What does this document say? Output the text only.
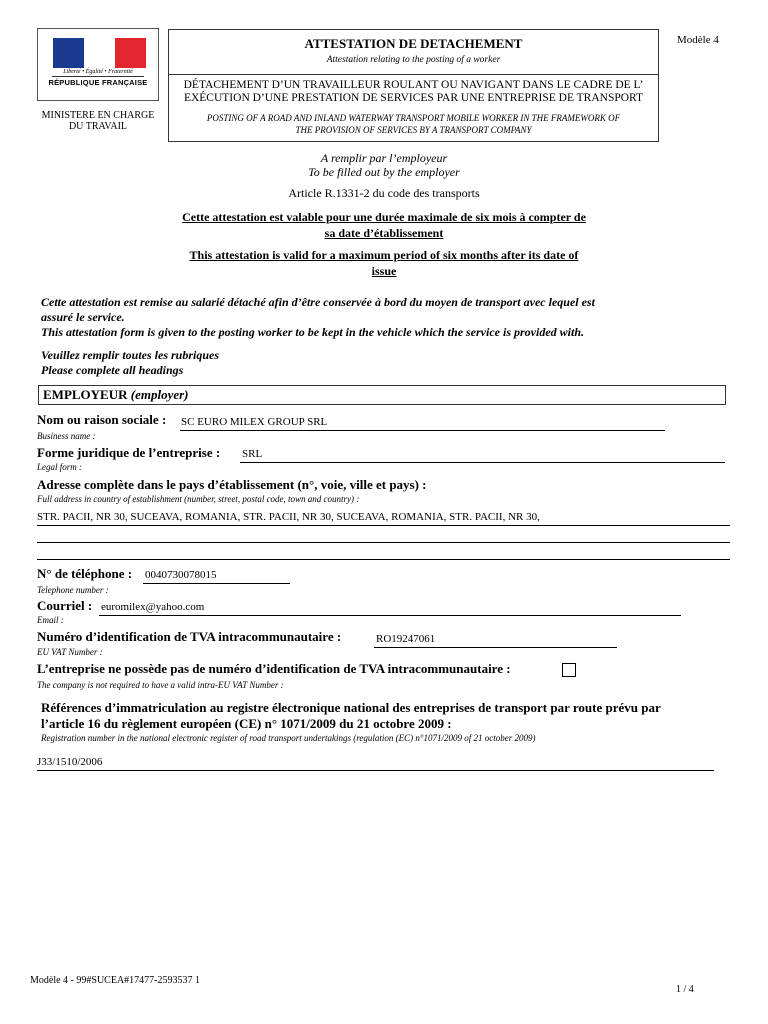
Liberté • Égalité • Fraternité
RÉPUBLIQUE FRANÇAISE
MINISTERE EN CHARGE
DU TRAVAIL
ATTESTATION DE DETACHEMENT
Attestation relating to the posting of a worker
DÉTACHEMENT D’UN TRAVAILLEUR ROULANT OU NAVIGANT DANS LE CADRE DE L’
EXÉCUTION D’UNE PRESTATION DE SERVICES PAR UNE ENTREPRISE DE TRANSPORT
POSTING OF A ROAD AND INLAND WATERWAY TRANSPORT MOBILE WORKER IN THE FRAMEWORK OF
THE PROVISION OF SERVICES BY A TRANSPORT COMPANY
Modèle 4
A remplir par l’employeur
To be filled out by the employer
Article R.1331-2 du code des transports
Cette attestation est valable pour une durée maximale de six mois à compter de
sa date d’établissement
This attestation is valid for a maximum period of six months after its date of
issue
Cette attestation est remise au salarié détaché afin d’être conservée à bord du moyen de transport avec lequel est
assuré le service.
This attestation form is given to the posting worker to be kept in the vehicle which the service is provided with.
Veuillez remplir toutes les rubriques
Please complete all headings
EMPLOYEUR (employer)
Nom ou raison sociale : SC EURO MILEX GROUP SRL
Business name :
Forme juridique de l’entreprise : SRL
Legal form :
Adresse complète dans le pays d’établissement (n°, voie, ville et pays) :
Full address in country of establishment (number, street, postal code, town and country) :
STR. PACII, NR 30, SUCEAVA, ROMANIA, STR. PACII, NR 30, SUCEAVA, ROMANIA, STR. PACII, NR 30,
N° de téléphone : 0040730078015
Telephone number :
Courriel : euromilex@yahoo.com
Email :
Numéro d’identification de TVA intracommunautaire :	RO19247061
EU VAT Number :
L’entreprise ne possède pas de numéro d’identification de TVA intracommunautaire :
The company is not required to have a valid intra-EU VAT Number :
Références d’immatriculation au registre électronique national des entreprises de transport par route prévu par
l’article 16 du règlement européen (CE) n° 1071/2009 du 21 octobre 2009 :
Registration number in the national electronic register of road transport undertakings (regulation (EC) n°1071/2009 of 21 october 2009)
J33/1510/2006
Modèle 4 - 99#SUCEA#17477-2593537 1
1 / 4
